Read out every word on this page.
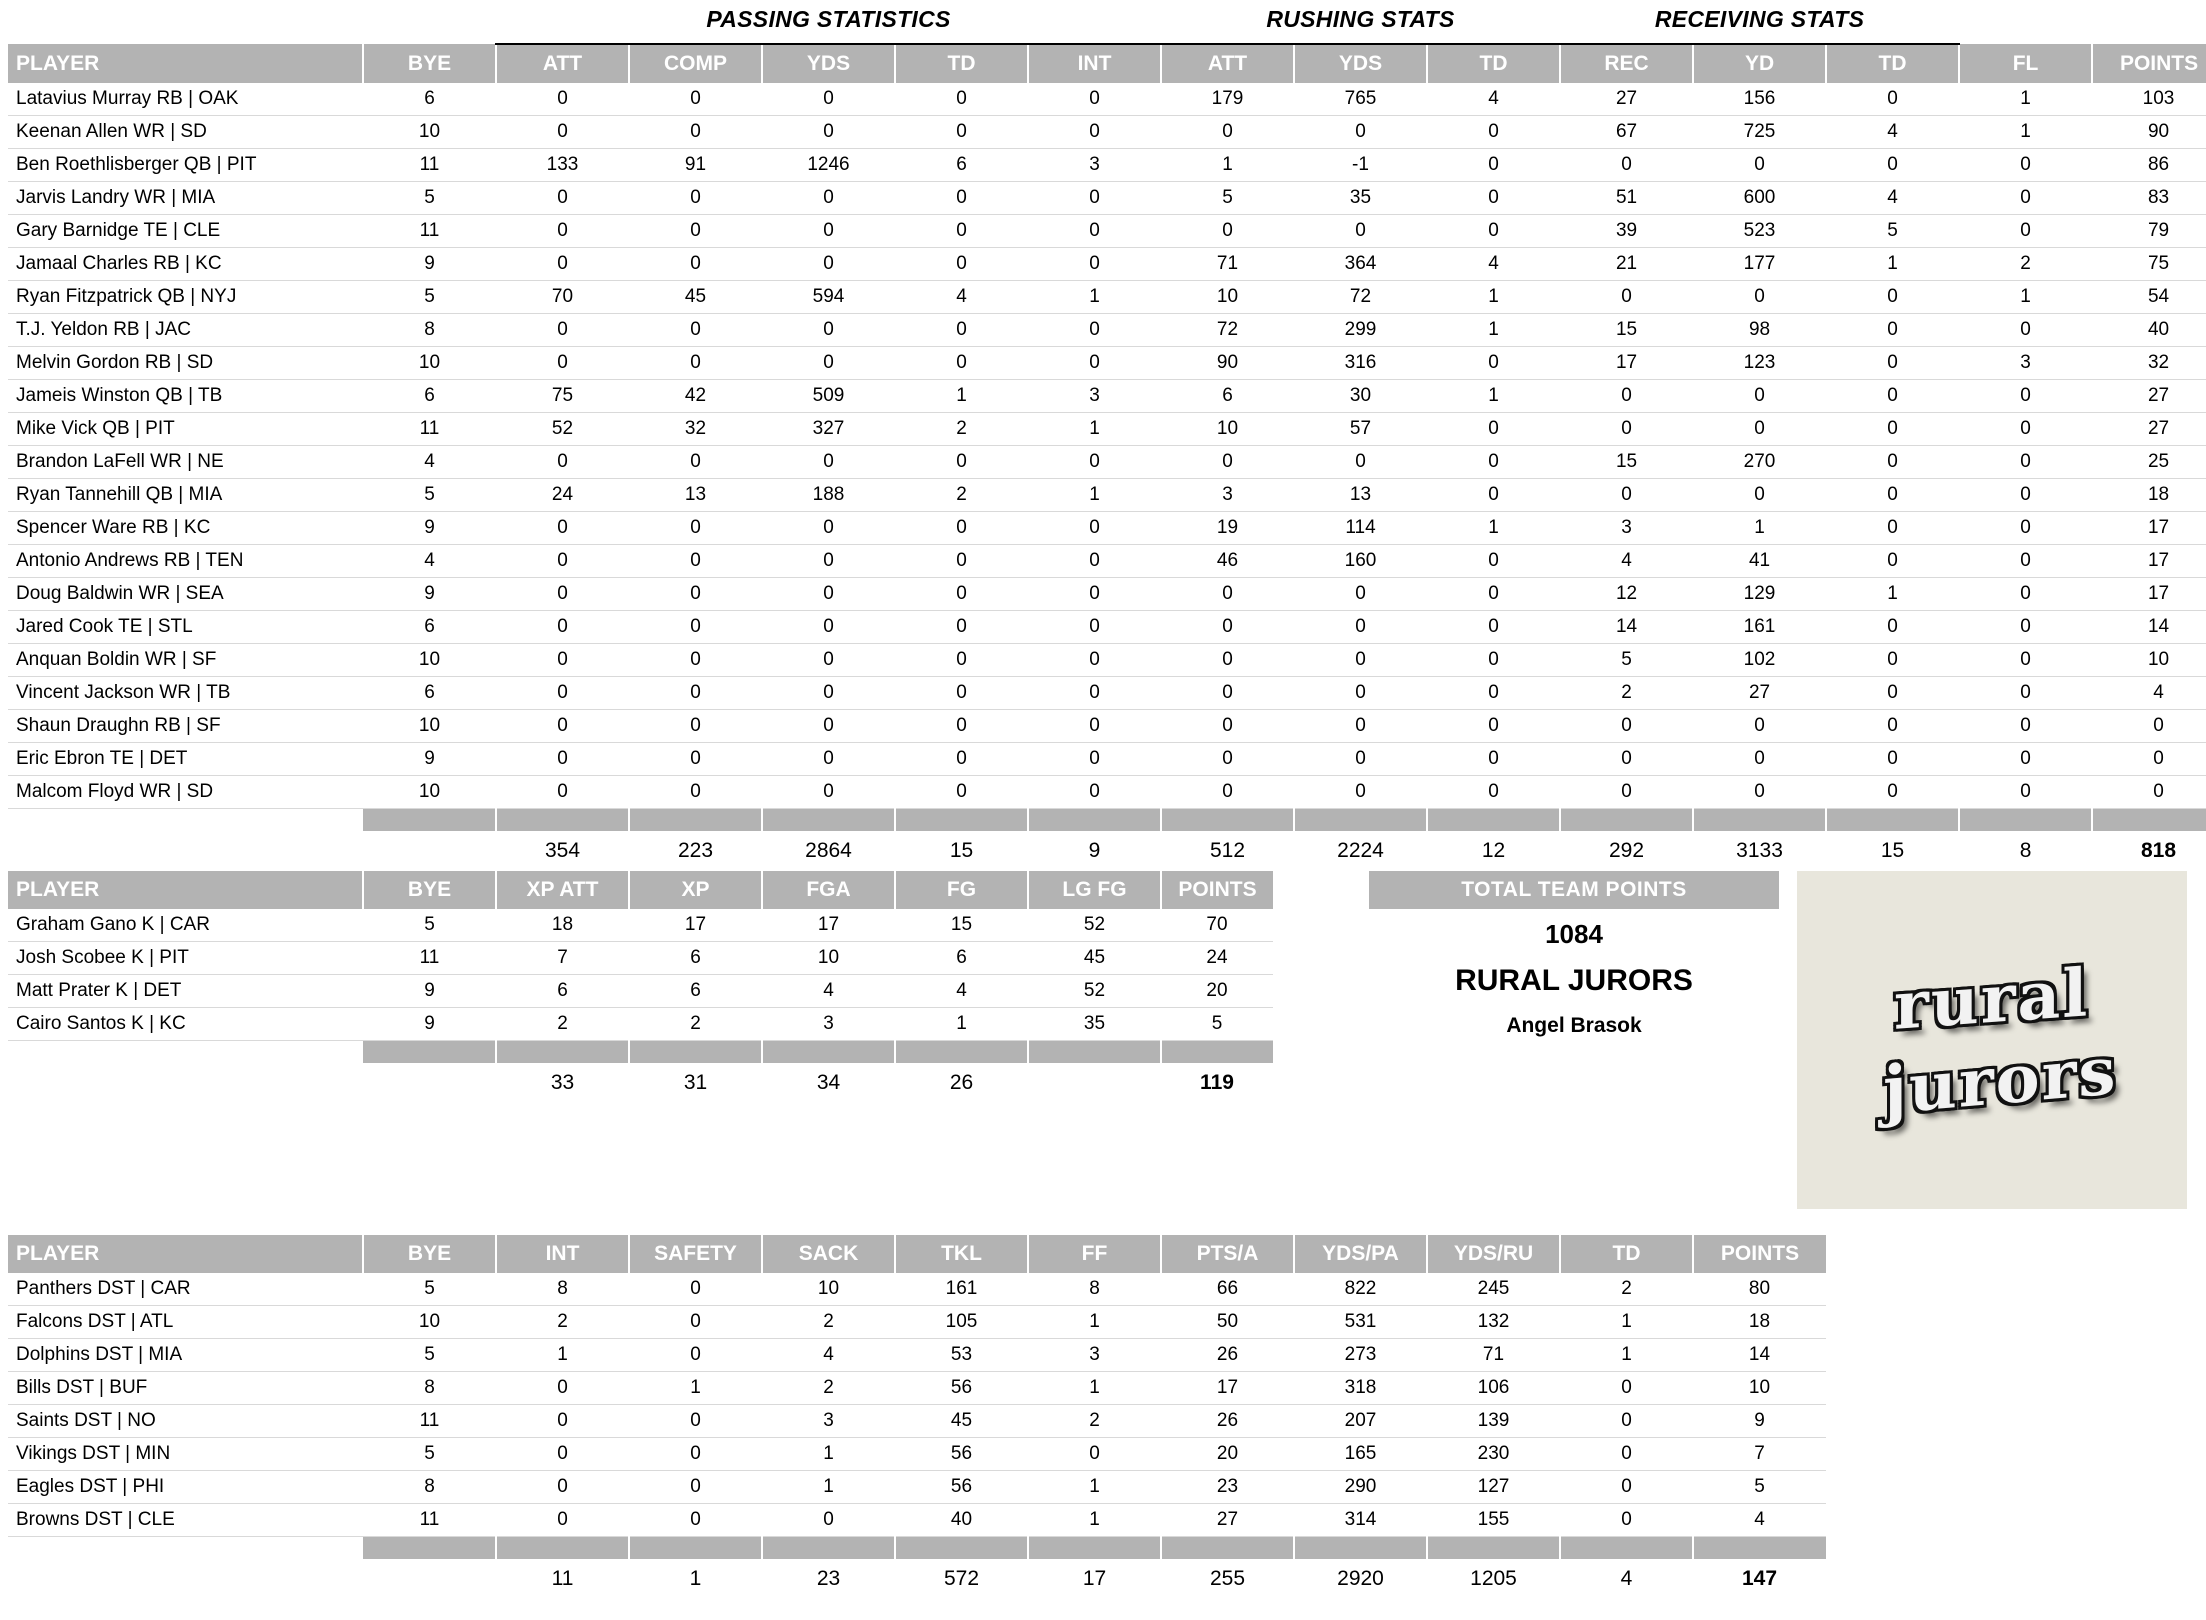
		PASSING STATISTICS					RUSHING STATS			RECEIVING STATS				
PLAYER	BYE	ATT	COMP	YDS	TD	INT	ATT	YDS	TD	REC	YD	TD	FL	POINTS
Latavius Murray RB | OAK	6	0	0	0	0	0	179	765	4	27	156	0	1	103
Keenan Allen WR | SD	10	0	0	0	0	0	0	0	0	67	725	4	1	90
Ben Roethlisberger QB | PIT	11	133	91	1246	6	3	1	-1	0	0	0	0	0	86
Jarvis Landry WR | MIA	5	0	0	0	0	0	5	35	0	51	600	4	0	83
Gary Barnidge TE | CLE	11	0	0	0	0	0	0	0	0	39	523	5	0	79
Jamaal Charles RB | KC	9	0	0	0	0	0	71	364	4	21	177	1	2	75
Ryan Fitzpatrick QB | NYJ	5	70	45	594	4	1	10	72	1	0	0	0	1	54
T.J. Yeldon RB | JAC	8	0	0	0	0	0	72	299	1	15	98	0	0	40
Melvin Gordon RB | SD	10	0	0	0	0	0	90	316	0	17	123	0	3	32
Jameis Winston QB | TB	6	75	42	509	1	3	6	30	1	0	0	0	0	27
Mike Vick QB | PIT	11	52	32	327	2	1	10	57	0	0	0	0	0	27
Brandon LaFell WR | NE	4	0	0	0	0	0	0	0	0	15	270	0	0	25
Ryan Tannehill QB | MIA	5	24	13	188	2	1	3	13	0	0	0	0	0	18
Spencer Ware RB | KC	9	0	0	0	0	0	19	114	1	3	1	0	0	17
Antonio Andrews RB | TEN	4	0	0	0	0	0	46	160	0	4	41	0	0	17
Doug Baldwin WR | SEA	9	0	0	0	0	0	0	0	0	12	129	1	0	17
Jared Cook TE | STL	6	0	0	0	0	0	0	0	0	14	161	0	0	14
Anquan Boldin WR | SF	10	0	0	0	0	0	0	0	0	5	102	0	0	10
Vincent Jackson WR | TB	6	0	0	0	0	0	0	0	0	2	27	0	0	4
Shaun Draughn RB | SF	10	0	0	0	0	0	0	0	0	0	0	0	0	0
Eric Ebron TE | DET	9	0	0	0	0	0	0	0	0	0	0	0	0	0
Malcom Floyd WR | SD	10	0	0	0	0	0	0	0	0	0	0	0	0	0

		354	223	2864	15	9	512	2224	12	292	3133	15	8	818
PLAYER	BYE	XP ATT	XP	FGA	FG	LG FG	POINTS
Graham Gano K | CAR	5	18	17	17	15	52	70
Josh Scobee K | PIT	11	7	6	10	6	45	24
Matt Prater K | DET	9	6	6	4	4	52	20
Cairo Santos K | KC	9	2	2	3	1	35	5

		33	31	34	26		119
TOTAL TEAM POINTS
1084
RURAL JURORS
Angel Brasok	rural
jurors
PLAYER	BYE	INT	SAFETY	SACK	TKL	FF	PTS/A	YDS/PA	YDS/RU	TD	POINTS
Panthers DST | CAR	5	8	0	10	161	8	66	822	245	2	80
Falcons DST | ATL	10	2	0	2	105	1	50	531	132	1	18
Dolphins DST | MIA	5	1	0	4	53	3	26	273	71	1	14
Bills DST | BUF	8	0	1	2	56	1	17	318	106	0	10
Saints DST | NO	11	0	0	3	45	2	26	207	139	0	9
Vikings DST | MIN	5	0	0	1	56	0	20	165	230	0	7
Eagles DST | PHI	8	0	0	1	56	1	23	290	127	0	5
Browns DST | CLE	11	0	0	0	40	1	27	314	155	0	4

		11	1	23	572	17	255	2920	1205	4	147
